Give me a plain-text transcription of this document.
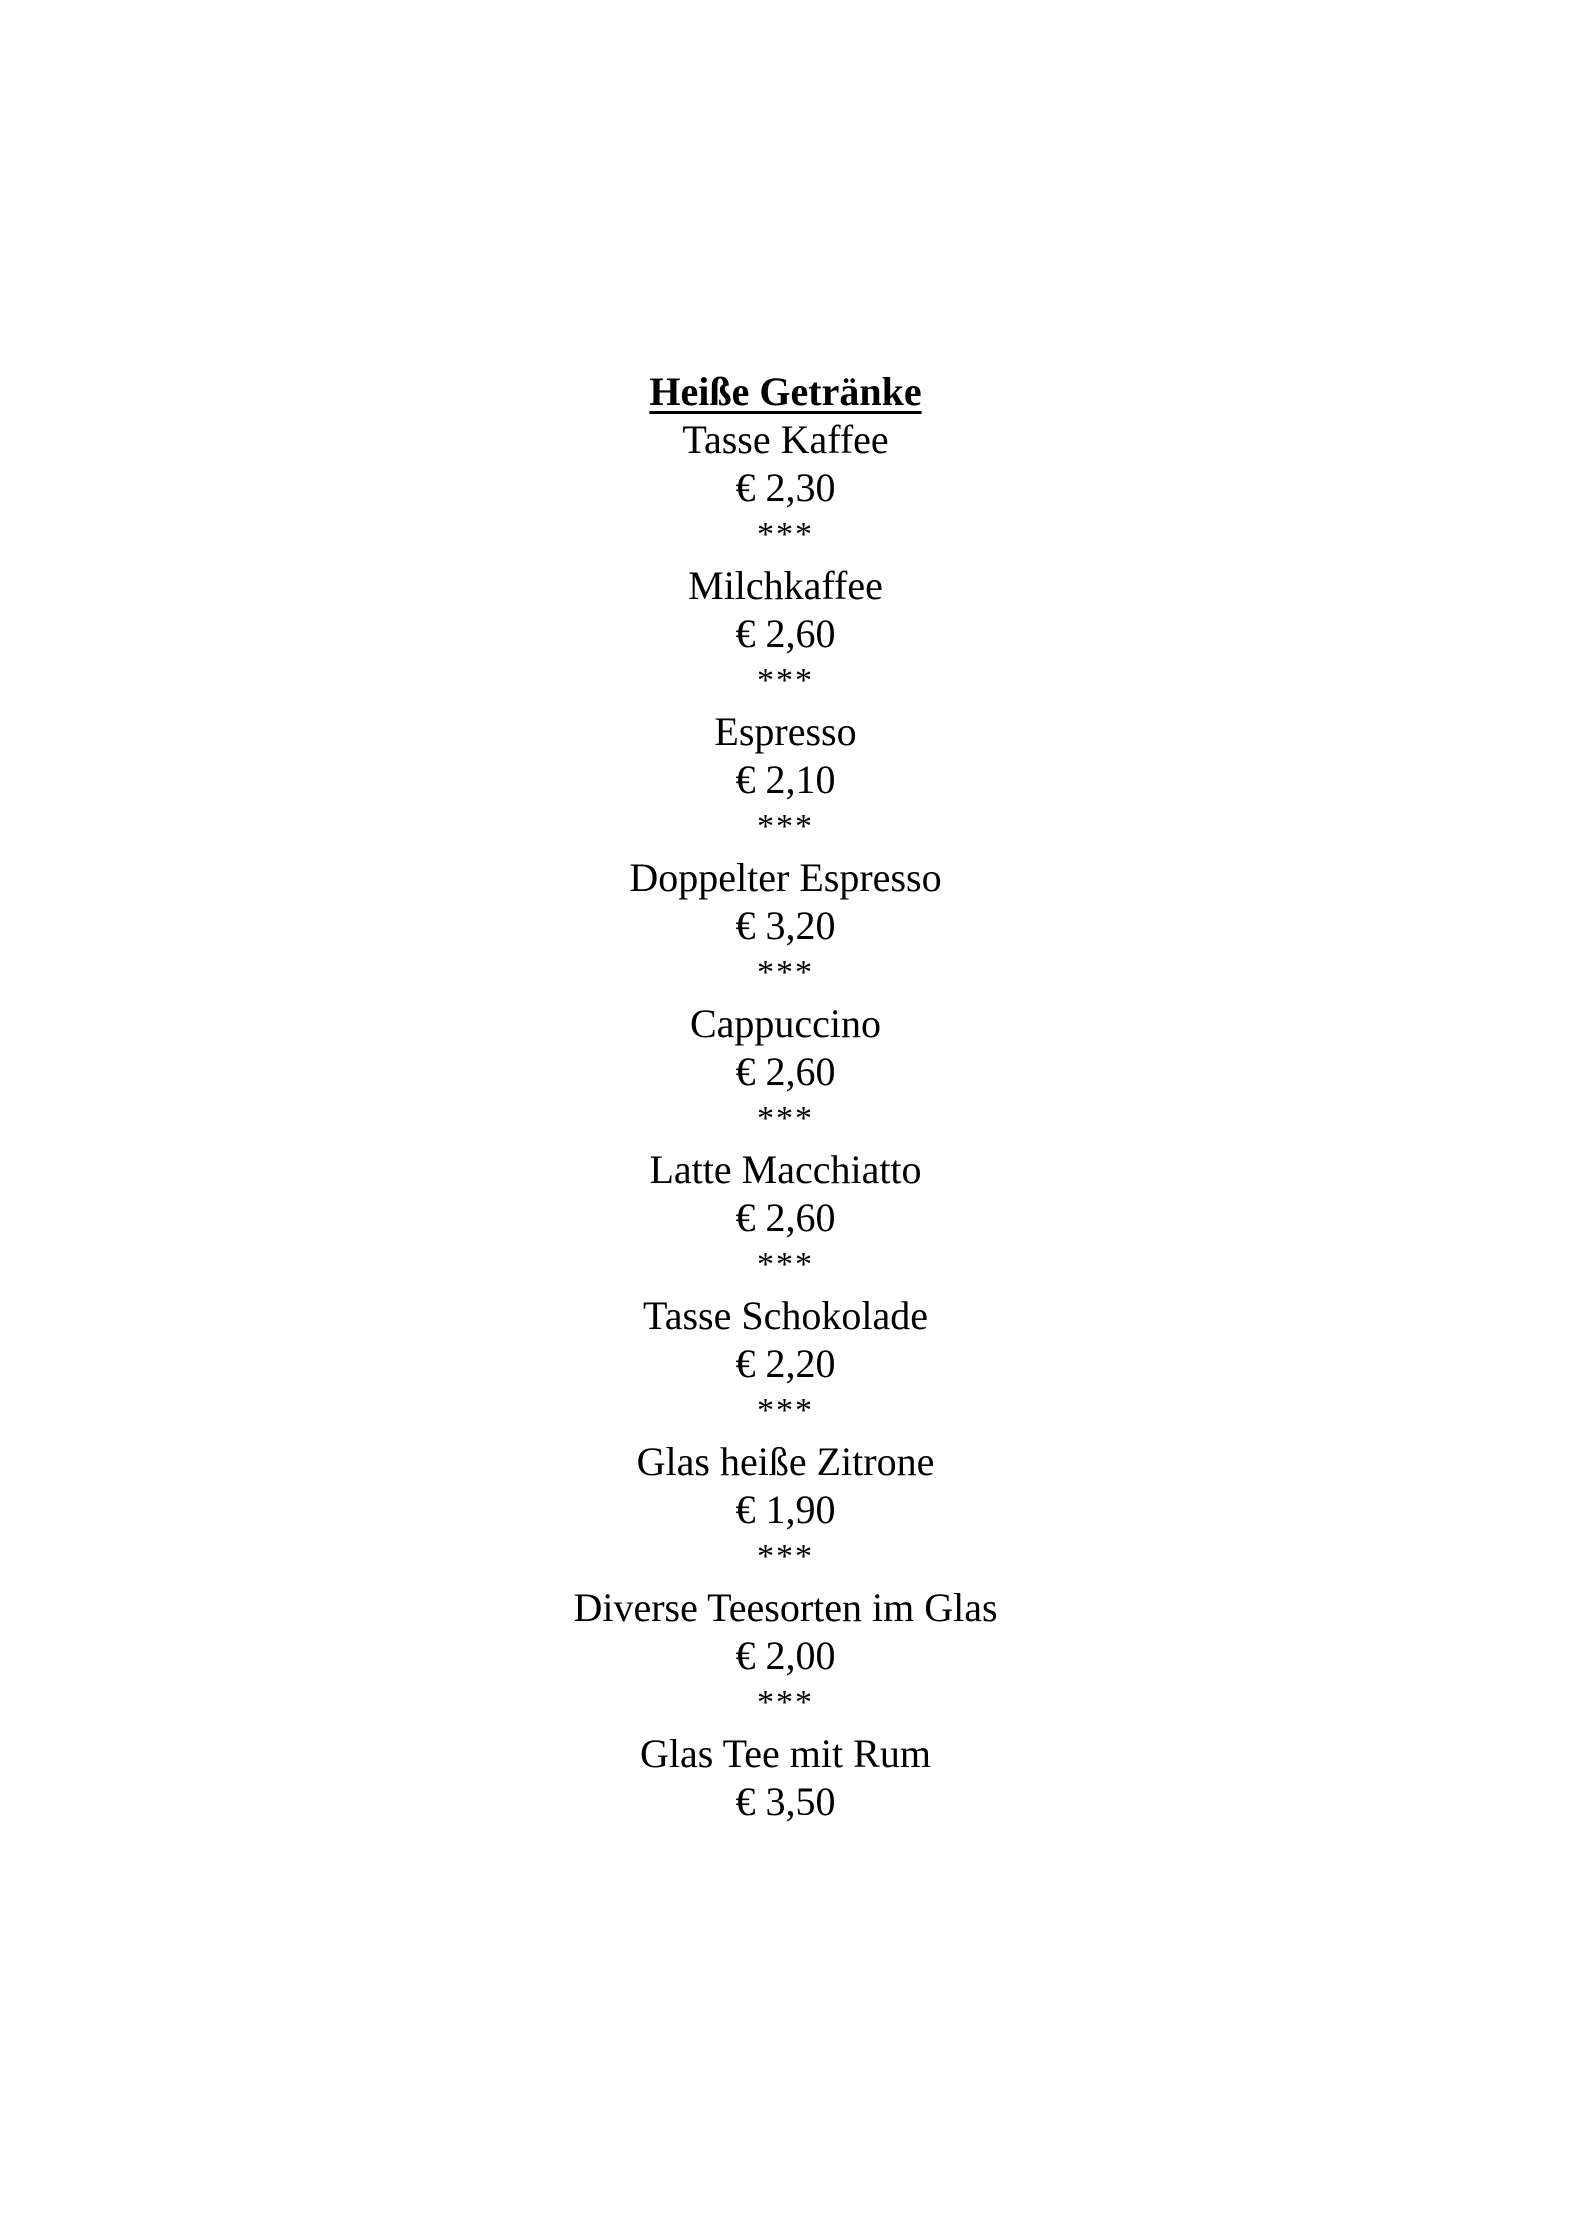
Heiße Getränke
Tasse Kaffee
€ 2,30
***
Milchkaffee
€ 2,60
***
Espresso
€ 2,10
***
Doppelter Espresso
€ 3,20
***
Cappuccino
€ 2,60
***
Latte Macchiatto
€ 2,60
***
Tasse Schokolade
€ 2,20
***
Glas heiße Zitrone
€ 1,90
***
Diverse Teesorten im Glas
€ 2,00
***
Glas Tee mit Rum
€ 3,50
